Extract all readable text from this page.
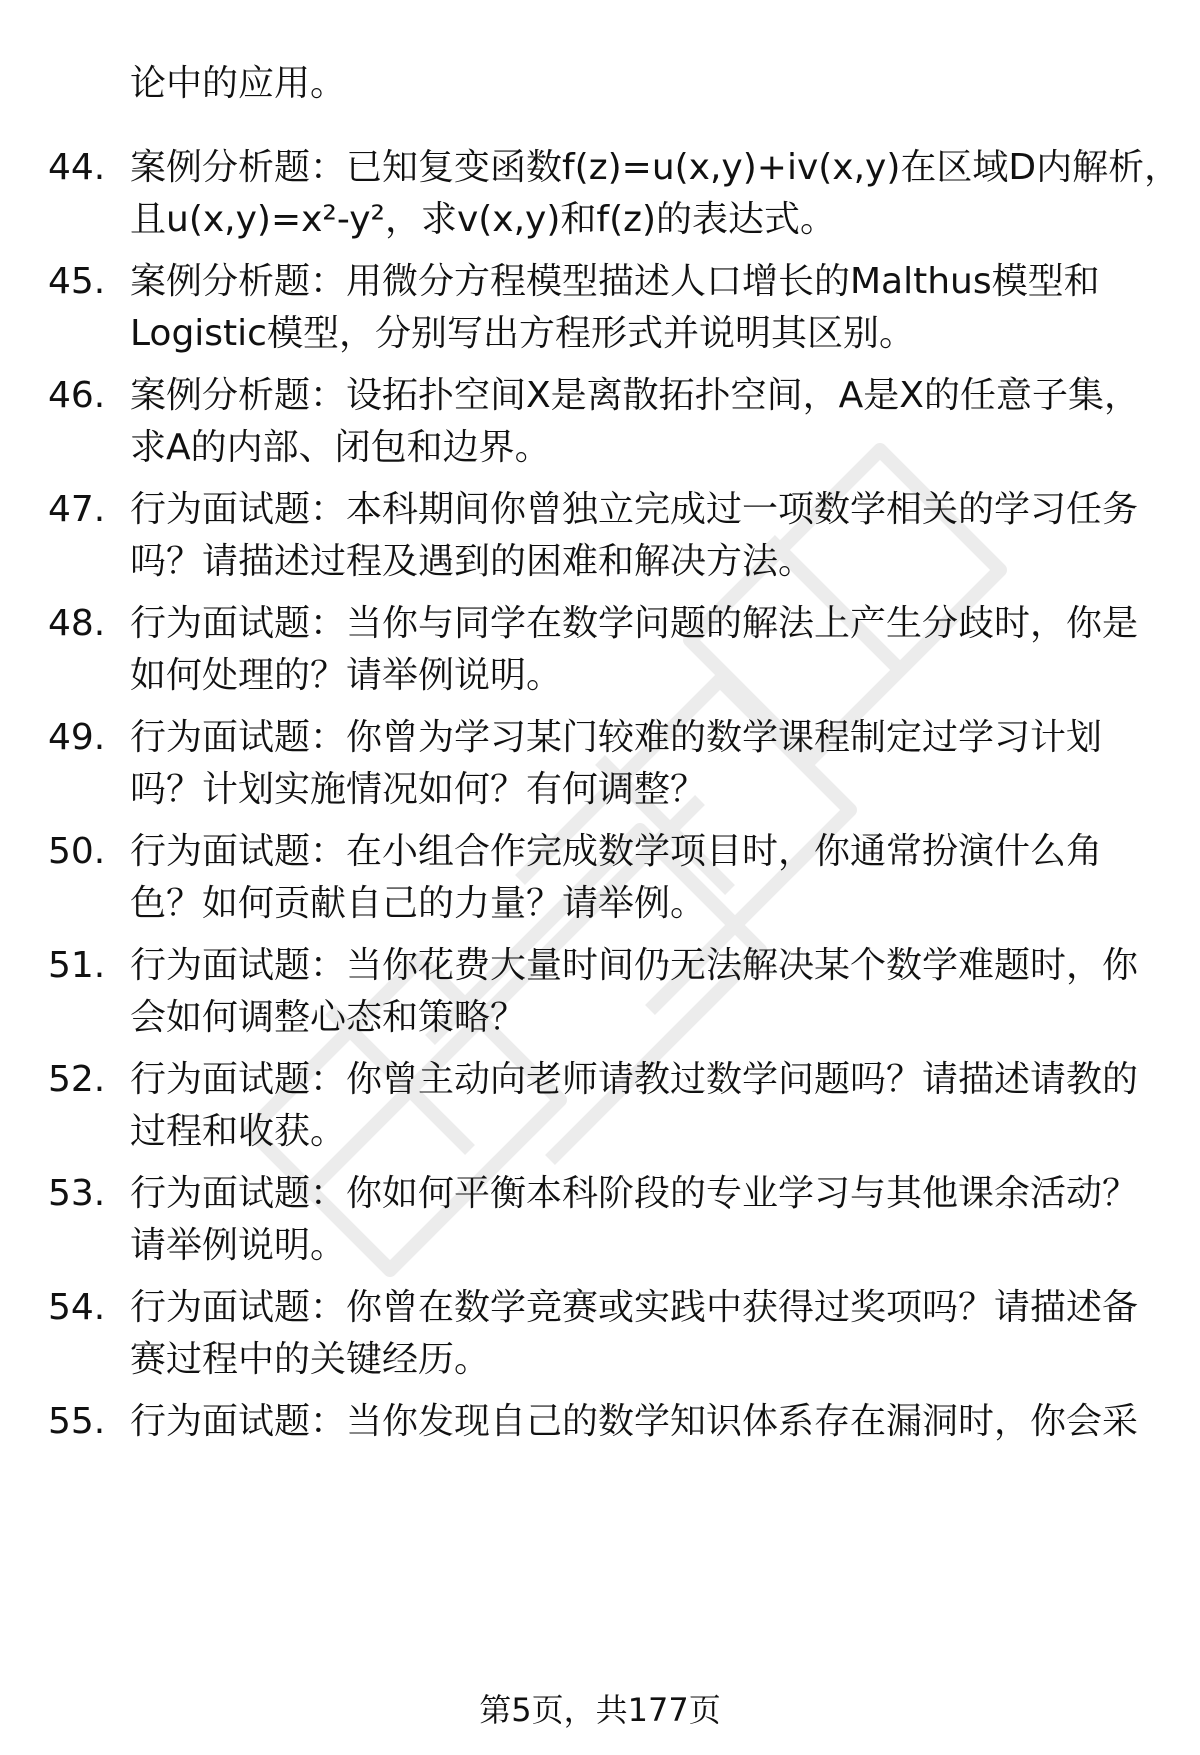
论中的应用。
44. 案例分析题：已知复变函数f(z)=u(x,y)+iv(x,y)在区域D内解析，
且u(x,y)=x²-y²，求v(x,y)和f(z)的表达式。
45. 案例分析题：用微分方程模型描述人口增长的Malthus模型和
Logistic模型，分别写出方程形式并说明其区别。
46. 案例分析题：设拓扑空间X是离散拓扑空间，A是X的任意子集，
求A的内部、闭包和边界。
47. 行为面试题：本科期间你曾独立完成过一项数学相关的学习任务
吗？请描述过程及遇到的困难和解决方法。
48. 行为面试题：当你与同学在数学问题的解法上产生分歧时，你是
如何处理的？请举例说明。
49. 行为面试题：你曾为学习某门较难的数学课程制定过学习计划
吗？计划实施情况如何？有何调整？
50. 行为面试题：在小组合作完成数学项目时，你通常扮演什么角
色？如何贡献自己的力量？请举例。
51. 行为面试题：当你花费大量时间仍无法解决某个数学难题时，你
会如何调整心态和策略？
52. 行为面试题：你曾主动向老师请教过数学问题吗？请描述请教的
过程和收获。
53. 行为面试题：你如何平衡本科阶段的专业学习与其他课余活动？
请举例说明。
54. 行为面试题：你曾在数学竞赛或实践中获得过奖项吗？请描述备
赛过程中的关键经历。
55. 行为面试题：当你发现自己的数学知识体系存在漏洞时，你会采
第5页，共177页
